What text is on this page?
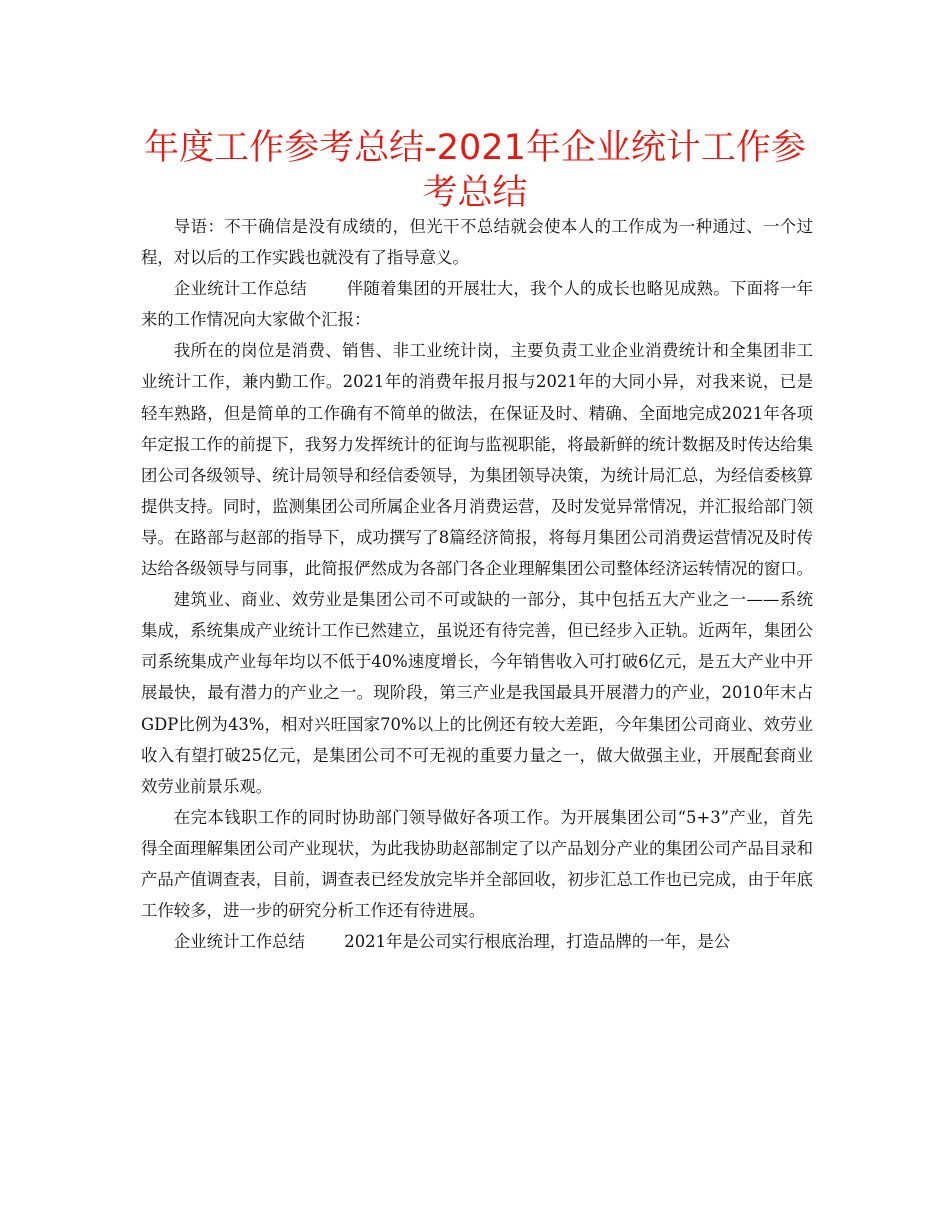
年度工作参考总结-2021年企业统计工作参考总结

导语：不干确信是没有成绩的，但光干不总结就会使本人的工作成为一种通过、一个过程，对以后的工作实践也就没有了指导意义。

企业统计工作总结 伴随着集团的开展壮大，我个人的成长也略见成熟。下面将一年来的工作情况向大家做个汇报：

我所在的岗位是消费、销售、非工业统计岗，主要负责工业企业消费统计和全集团非工业统计工作，兼内勤工作。2021年的消费年报月报与2021年的大同小异，对我来说，已是轻车熟路，但是简单的工作确有不简单的做法，在保证及时、精确、全面地完成2021年各项年定报工作的前提下，我努力发挥统计的征询与监视职能，将最新鲜的统计数据及时传达给集团公司各级领导、统计局领导和经信委领导，为集团领导决策，为统计局汇总，为经信委核算提供支持。同时，监测集团公司所属企业各月消费运营，及时发觉异常情况，并汇报给部门领导。在路部与赵部的指导下，成功撰写了8篇经济简报，将每月集团公司消费运营情况及时传达给各级领导与同事，此简报俨然成为各部门各企业理解集团公司整体经济运转情况的窗口。

建筑业、商业、效劳业是集团公司不可或缺的一部分，其中包括五大产业之一——系统集成，系统集成产业统计工作已然建立，虽说还有待完善，但已经步入正轨。近两年，集团公司系统集成产业每年均以不低于40%速度增长，今年销售收入可打破6亿元，是五大产业中开展最快，最有潜力的产业之一。现阶段，第三产业是我国最具开展潜力的产业，2010年末占GDP比例为43%，相对兴旺国家70%以上的比例还有较大差距，今年集团公司商业、效劳业收入有望打破25亿元，是集团公司不可无视的重要力量之一，做大做强主业，开展配套商业效劳业前景乐观。

在完本钱职工作的同时协助部门领导做好各项工作。为开展集团公司“5+3”产业，首先得全面理解集团公司产业现状，为此我协助赵部制定了以产品划分产业的集团公司产品目录和产品产值调查表，目前，调查表已经发放完毕并全部回收，初步汇总工作也已完成，由于年底工作较多，进一步的研究分析工作还有待进展。

企业统计工作总结 2021年是公司实行根底治理，打造品牌的一年，是公
